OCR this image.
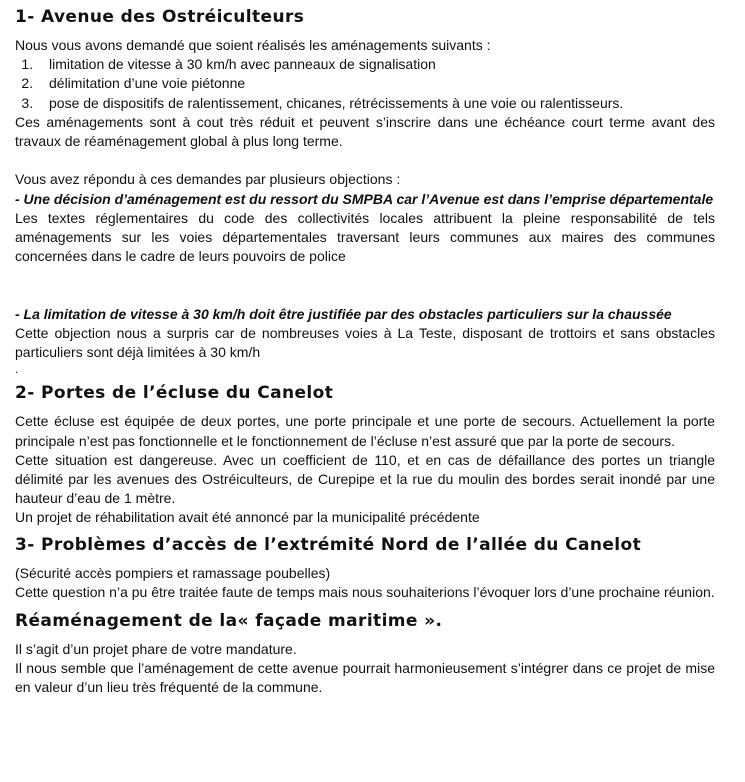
1- Avenue des Ostréiculteurs

Nous vous avons demandé que soient réalisés les aménagements suivants :

1. limitation de vitesse à 30 km/h avec panneaux de signalisation
2. délimitation d’une voie piétonne
3. pose de dispositifs de ralentissement, chicanes, rétrécissements à une voie ou ralentisseurs.

Ces aménagements sont à cout très réduit et peuvent s’inscrire dans une échéance court terme avant des travaux de réaménagement global à plus long terme.

Vous avez répondu à ces demandes par plusieurs objections :

- Une décision d’aménagement est du ressort du SMPBA car l’Avenue est dans l’emprise départementale

Les textes réglementaires du code des collectivités locales attribuent la pleine responsabilité de tels aménagements sur les voies départementales traversant leurs communes aux maires des communes concernées dans le cadre de leurs pouvoirs de police

- La limitation de vitesse à 30 km/h doit être justifiée par des obstacles particuliers sur la chaussée

Cette objection nous a surpris car de nombreuses voies à La Teste, disposant de trottoirs et sans obstacles particuliers sont déjà limitées à 30 km/h

.

2- Portes de l’écluse du Canelot

Cette écluse est équipée de deux portes, une porte principale et une porte de secours. Actuellement la porte principale n’est pas fonctionnelle et le fonctionnement de l’écluse n’est assuré que par la porte de secours.

Cette situation est dangereuse. Avec un coefficient de 110, et en cas de défaillance des portes un triangle délimité par les avenues des Ostréiculteurs, de Curepipe et la rue du moulin des bordes serait inondé par une hauteur d’eau de 1 mètre.

Un projet de réhabilitation avait été annoncé par la municipalité précédente

3- Problèmes d’accès de l’extrémité Nord de l’allée du Canelot

(Sécurité accès pompiers et ramassage poubelles)

Cette question n’a pu être traitée faute de temps mais nous souhaiterions l’évoquer lors d’une prochaine réunion.

Réaménagement de la« façade maritime ».

Il s’agit d’un projet phare de votre mandature.

Il nous semble que l’aménagement de cette avenue pourrait harmonieusement s’intégrer dans ce projet de mise en valeur d’un lieu très fréquenté de la commune.
